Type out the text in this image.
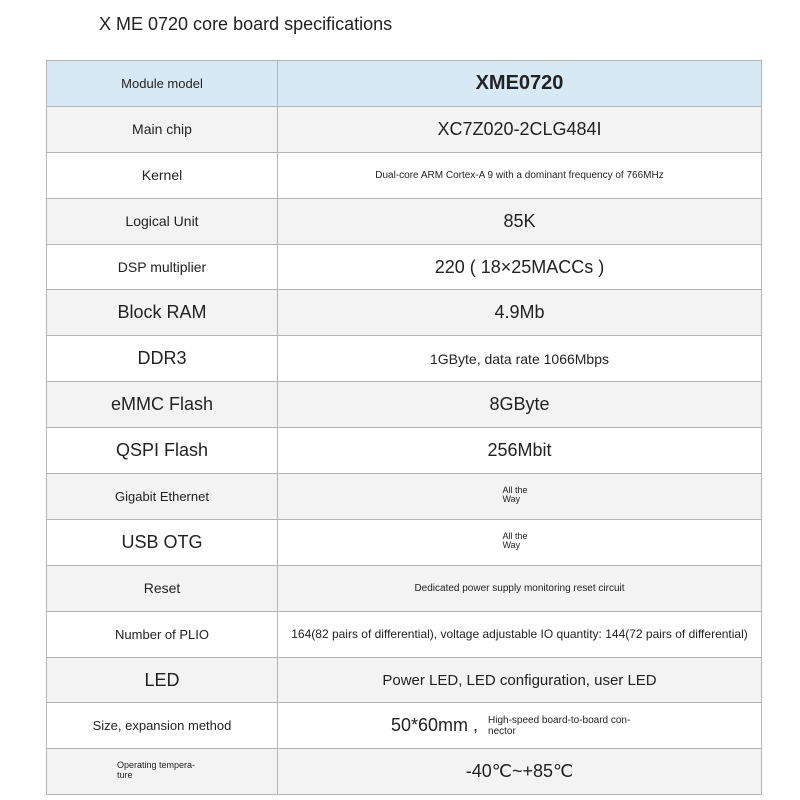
X ME 0720 core board specifications
Module model	XME0720
Main chip	XC7Z020-2CLG484I
Kernel	Dual-core ARM Cortex-A 9 with a dominant frequency of 766MHz
Logical Unit	85K
DSP multiplier	220 ( 18×25MACCs )
Block RAM	4.9Mb
DDR3	1GByte, data rate 1066Mbps
eMMC Flash	8GByte
QSPI Flash	256Mbit
Gigabit Ethernet	All the Way
USB OTG	All the Way
Reset	Dedicated power supply monitoring reset circuit
Number of PLIO	164(82 pairs of differential), voltage adjustable IO quantity: 144(72 pairs of differential)
LED	Power LED, LED configuration, user LED
Size, expansion method	50*60mm , High-speed board-to-board con- nector

Operating tempera- ture	-40℃~+85℃
